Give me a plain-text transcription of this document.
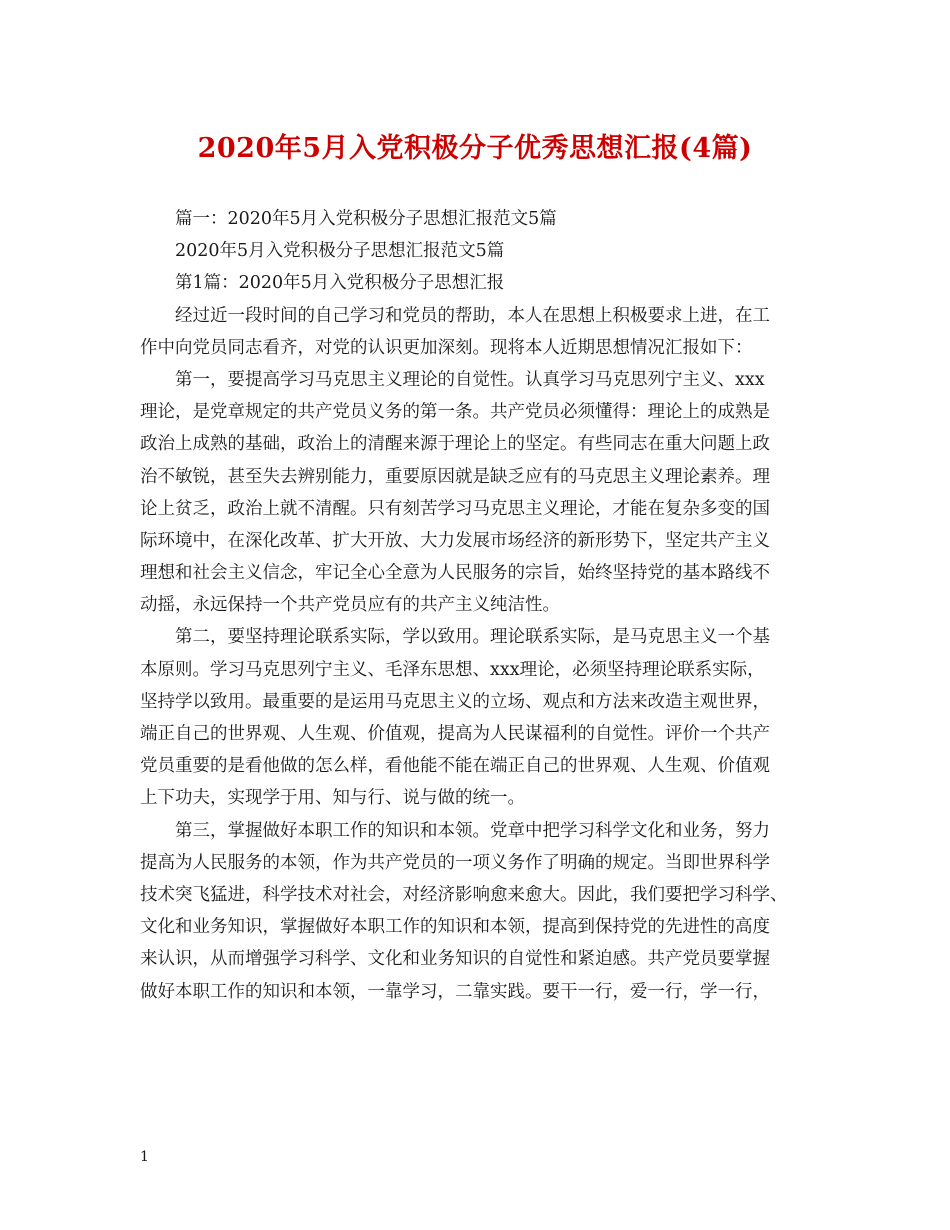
2020年5月入党积极分子优秀思想汇报(4篇)
篇一：2020年5月入党积极分子思想汇报范文5篇
2020年5月入党积极分子思想汇报范文5篇
第1篇：2020年5月入党积极分子思想汇报
经过近一段时间的自己学习和党员的帮助，本人在思想上积极要求上进，在工
作中向党员同志看齐，对党的认识更加深刻。现将本人近期思想情况汇报如下：
第一，要提高学习马克思主义理论的自觉性。认真学习马克思列宁主义、xxx
理论，是党章规定的共产党员义务的第一条。共产党员必须懂得：理论上的成熟是
政治上成熟的基础，政治上的清醒来源于理论上的坚定。有些同志在重大问题上政
治不敏锐，甚至失去辨别能力，重要原因就是缺乏应有的马克思主义理论素养。理
论上贫乏，政治上就不清醒。只有刻苦学习马克思主义理论，才能在复杂多变的国
际环境中，在深化改革、扩大开放、大力发展市场经济的新形势下，坚定共产主义
理想和社会主义信念，牢记全心全意为人民服务的宗旨，始终坚持党的基本路线不
动摇，永远保持一个共产党员应有的共产主义纯洁性。
第二，要坚持理论联系实际，学以致用。理论联系实际，是马克思主义一个基
本原则。学习马克思列宁主义、毛泽东思想、xxx理论，必须坚持理论联系实际，
坚持学以致用。最重要的是运用马克思主义的立场、观点和方法来改造主观世界，
端正自己的世界观、人生观、价值观，提高为人民谋福利的自觉性。评价一个共产
党员重要的是看他做的怎么样，看他能不能在端正自己的世界观、人生观、价值观
上下功夫，实现学于用、知与行、说与做的统一。
第三，掌握做好本职工作的知识和本领。党章中把学习科学文化和业务，努力
提高为人民服务的本领，作为共产党员的一项义务作了明确的规定。当即世界科学
技术突飞猛进，科学技术对社会，对经济影响愈来愈大。因此，我们要把学习科学、
文化和业务知识，掌握做好本职工作的知识和本领，提高到保持党的先进性的高度
来认识，从而增强学习科学、文化和业务知识的自觉性和紧迫感。共产党员要掌握
做好本职工作的知识和本领，一靠学习，二靠实践。要干一行，爱一行，学一行，
1
